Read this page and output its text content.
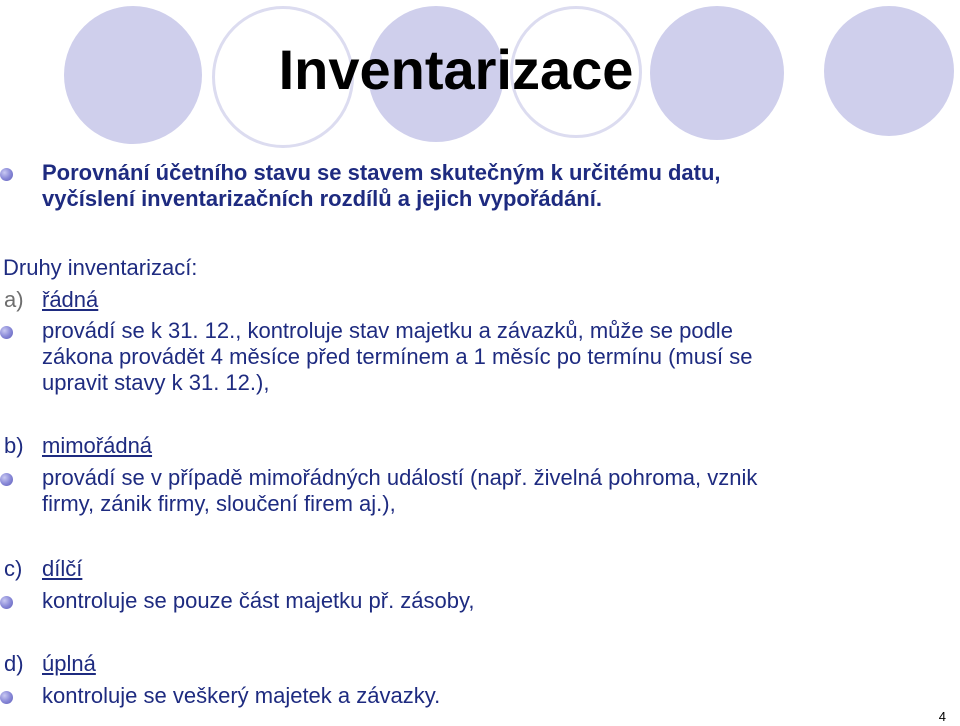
Inventarizace
Porovnání účetního stavu se stavem skutečným k určitému datu,
vyčíslení inventarizačních rozdílů a jejich vypořádání.
Druhy inventarizací:
a) řádná
provádí se k 31. 12., kontroluje stav majetku a závazků, může se podle
zákona provádět 4 měsíce před termínem a 1 měsíc po termínu (musí se
upravit stavy k 31. 12.),
b) mimořádná
provádí se v případě mimořádných událostí (např. živelná pohroma, vznik
firmy, zánik firmy, sloučení firem aj.),
c) dílčí
kontroluje se pouze část majetku př. zásoby,
d) úplná
kontroluje se veškerý majetek a závazky.
4
